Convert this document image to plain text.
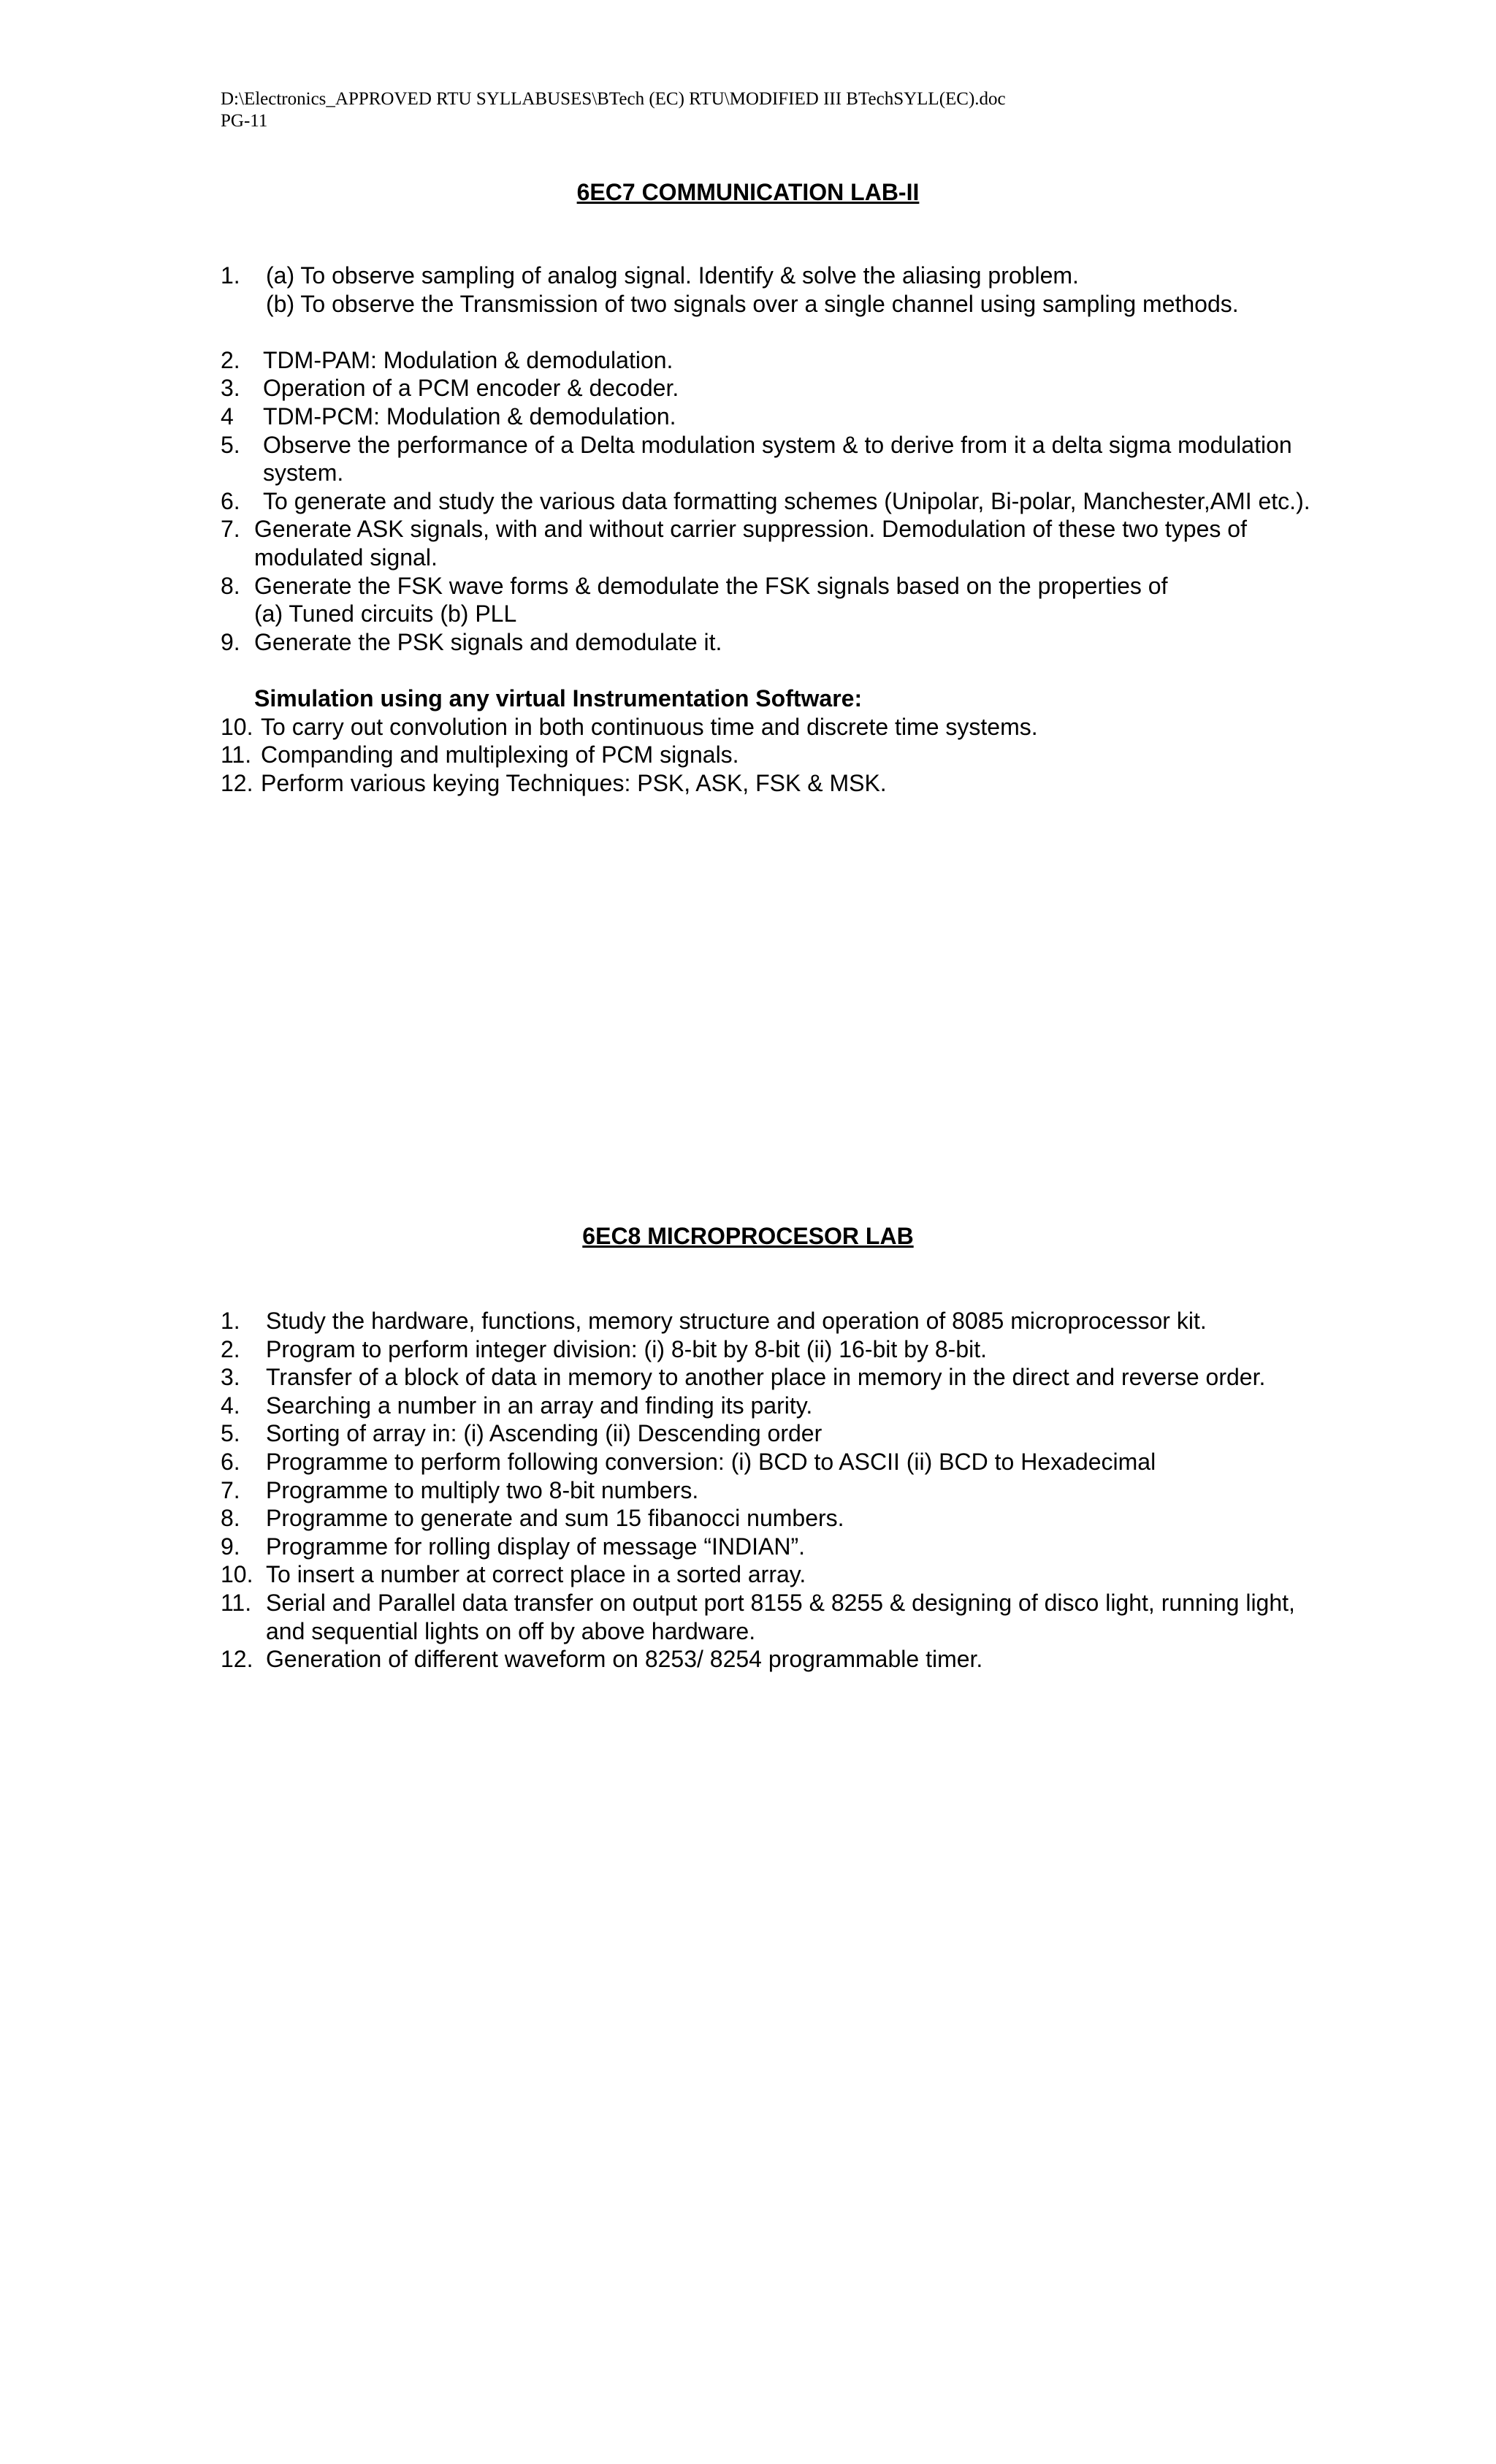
D:\Electronics_APPROVED RTU SYLLABUSES\BTech (EC) RTU\MODIFIED III BTechSYLL(EC).doc
PG-11
6EC7 COMMUNICATION LAB-II
1. (a) To observe sampling of analog signal. Identify & solve the aliasing problem.
(b) To observe the Transmission of two signals over a single channel using sampling methods.
2. TDM-PAM: Modulation & demodulation.
3. Operation of a PCM encoder & decoder.
4 TDM-PCM: Modulation & demodulation.
5. Observe the performance of a Delta modulation system & to derive from it a delta sigma modulation
system.
6. To generate and study the various data formatting schemes (Unipolar, Bi-polar, Manchester,AMI etc.).
7. Generate ASK signals, with and without carrier suppression. Demodulation of these two types of
modulated signal.
8. Generate the FSK wave forms & demodulate the FSK signals based on the properties of
(a) Tuned circuits (b) PLL
9. Generate the PSK signals and demodulate it.
Simulation using any virtual Instrumentation Software:
10. To carry out convolution in both continuous time and discrete time systems.
11. Companding and multiplexing of PCM signals.
12. Perform various keying Techniques: PSK, ASK, FSK & MSK.
6EC8 MICROPROCESOR LAB
1. Study the hardware, functions, memory structure and operation of 8085 microprocessor kit.
2. Program to perform integer division: (i) 8-bit by 8-bit (ii) 16-bit by 8-bit.
3. Transfer of a block of data in memory to another place in memory in the direct and reverse order.
4. Searching a number in an array and finding its parity.
5. Sorting of array in: (i) Ascending (ii) Descending order
6. Programme to perform following conversion: (i) BCD to ASCII (ii) BCD to Hexadecimal
7. Programme to multiply two 8-bit numbers.
8. Programme to generate and sum 15 fibanocci numbers.
9. Programme for rolling display of message “INDIAN”.
10. To insert a number at correct place in a sorted array.
11. Serial and Parallel data transfer on output port 8155 & 8255 & designing of disco light, running light,
and sequential lights on off by above hardware.
12. Generation of different waveform on 8253/ 8254 programmable timer.
